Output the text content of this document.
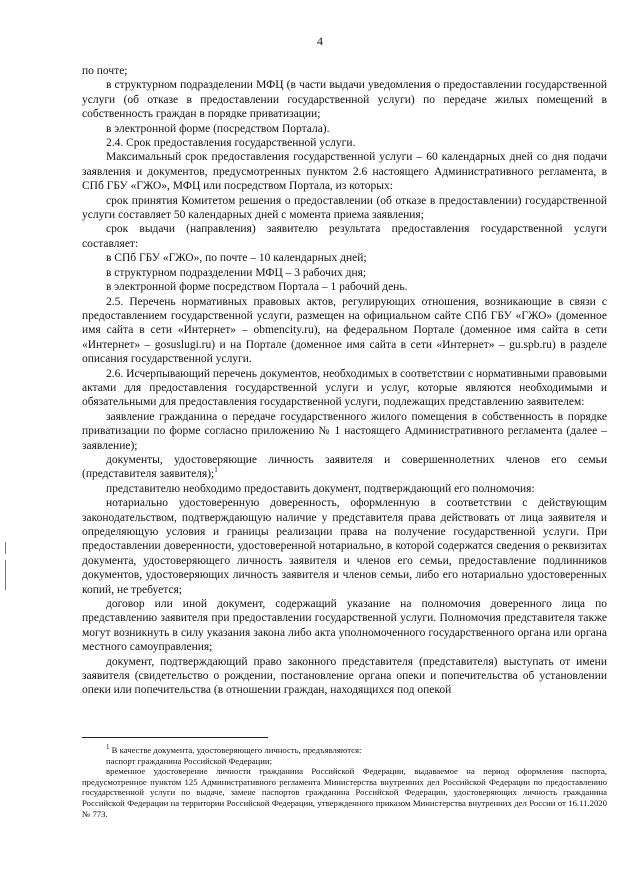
4

по почте;

в структурном подразделении МФЦ (в части выдачи уведомления о предоставлении государственной услуги (об отказе в предоставлении государственной услуги) по передаче жилых помещений в собственность граждан в порядке приватизации;

в электронной форме (посредством Портала).

2.4. Срок предоставления государственной услуги.

Максимальный срок предоставления государственной услуги – 60 календарных дней со дня подачи заявления и документов, предусмотренных пунктом 2.6 настоящего Административного регламента, в СПб ГБУ «ГЖО», МФЦ или посредством Портала, из которых:

срок принятия Комитетом решения о предоставлении (об отказе в предоставлении) государственной услуги составляет 50 календарных дней с момента приема заявления;

срок выдачи (направления) заявителю результата предоставления государственной услуги составляет:

в СПб ГБУ «ГЖО», по почте – 10 календарных дней;

в структурном подразделении МФЦ – 3 рабочих дня;

в электронной форме посредством Портала – 1 рабочий день.

2.5. Перечень нормативных правовых актов, регулирующих отношения, возникающие в связи с предоставлением государственной услуги, размещен на официальном сайте СПб ГБУ «ГЖО» (доменное имя сайта в сети «Интернет» – obmencity.ru), на федеральном Портале (доменное имя сайта в сети «Интернет» – gosuslugi.ru) и на Портале (доменное имя сайта в сети «Интернет» – gu.spb.ru) в разделе описания государственной услуги.

2.6. Исчерпывающий перечень документов, необходимых в соответствии с нормативными правовыми актами для предоставления государственной услуги и услуг, которые являются необходимыми и обязательными для предоставления государственной услуги, подлежащих представлению заявителем:

заявление гражданина о передаче государственного жилого помещения в собственность в порядке приватизации по форме согласно приложению № 1 настоящего Административного регламента (далее – заявление);

документы, удостоверяющие личность заявителя и совершеннолетних членов его семьи (представителя заявителя);$^1$

представителю необходимо предоставить документ, подтверждающий его полномочия:

нотариально удостоверенную доверенность, оформленную в соответствии с действующим законодательством, подтверждающую наличие у представителя права действовать от лица заявителя и определяющую условия и границы реализации права на получение государственной услуги. При предоставлении доверенности, удостоверенной нотариально, в которой содержатся сведения о реквизитах документа, удостоверяющего личность заявителя и членов его семьи, предоставление подлинников документов, удостоверяющих личность заявителя и членов семьи, либо его нотариально удостоверенных копий, не требуется;

договор или иной документ, содержащий указание на полномочия доверенного лица по представлению заявителя при предоставлении государственной услуги. Полномочия представителя также могут возникнуть в силу указания закона либо акта уполномоченного государственного органа или органа местного самоуправления;

документ, подтверждающий право законного представителя (представителя) выступать от имени заявителя (свидетельство о рождении, постановление органа опеки и попечительства об установлении опеки или попечительства (в отношении граждан, находящихся под опекой

$^1$ В качестве документа, удостоверяющего личность, предъявляются:

паспорт гражданина Российской Федерации;

временное удостоверение личности гражданина Российской Федерации, выдаваемое на период оформления паспорта, предусмотренное пунктом 125 Административного регламента Министерства внутренних дел Российской Федерации по предоставлению государственной услуги по выдаче, замене паспортов гражданина Российской Федерации, удостоверяющих личность гражданина Российской Федерации на территории Российской Федерации, утвержденного приказом Министерства внутренних дел России от 16.11.2020 № 773.
